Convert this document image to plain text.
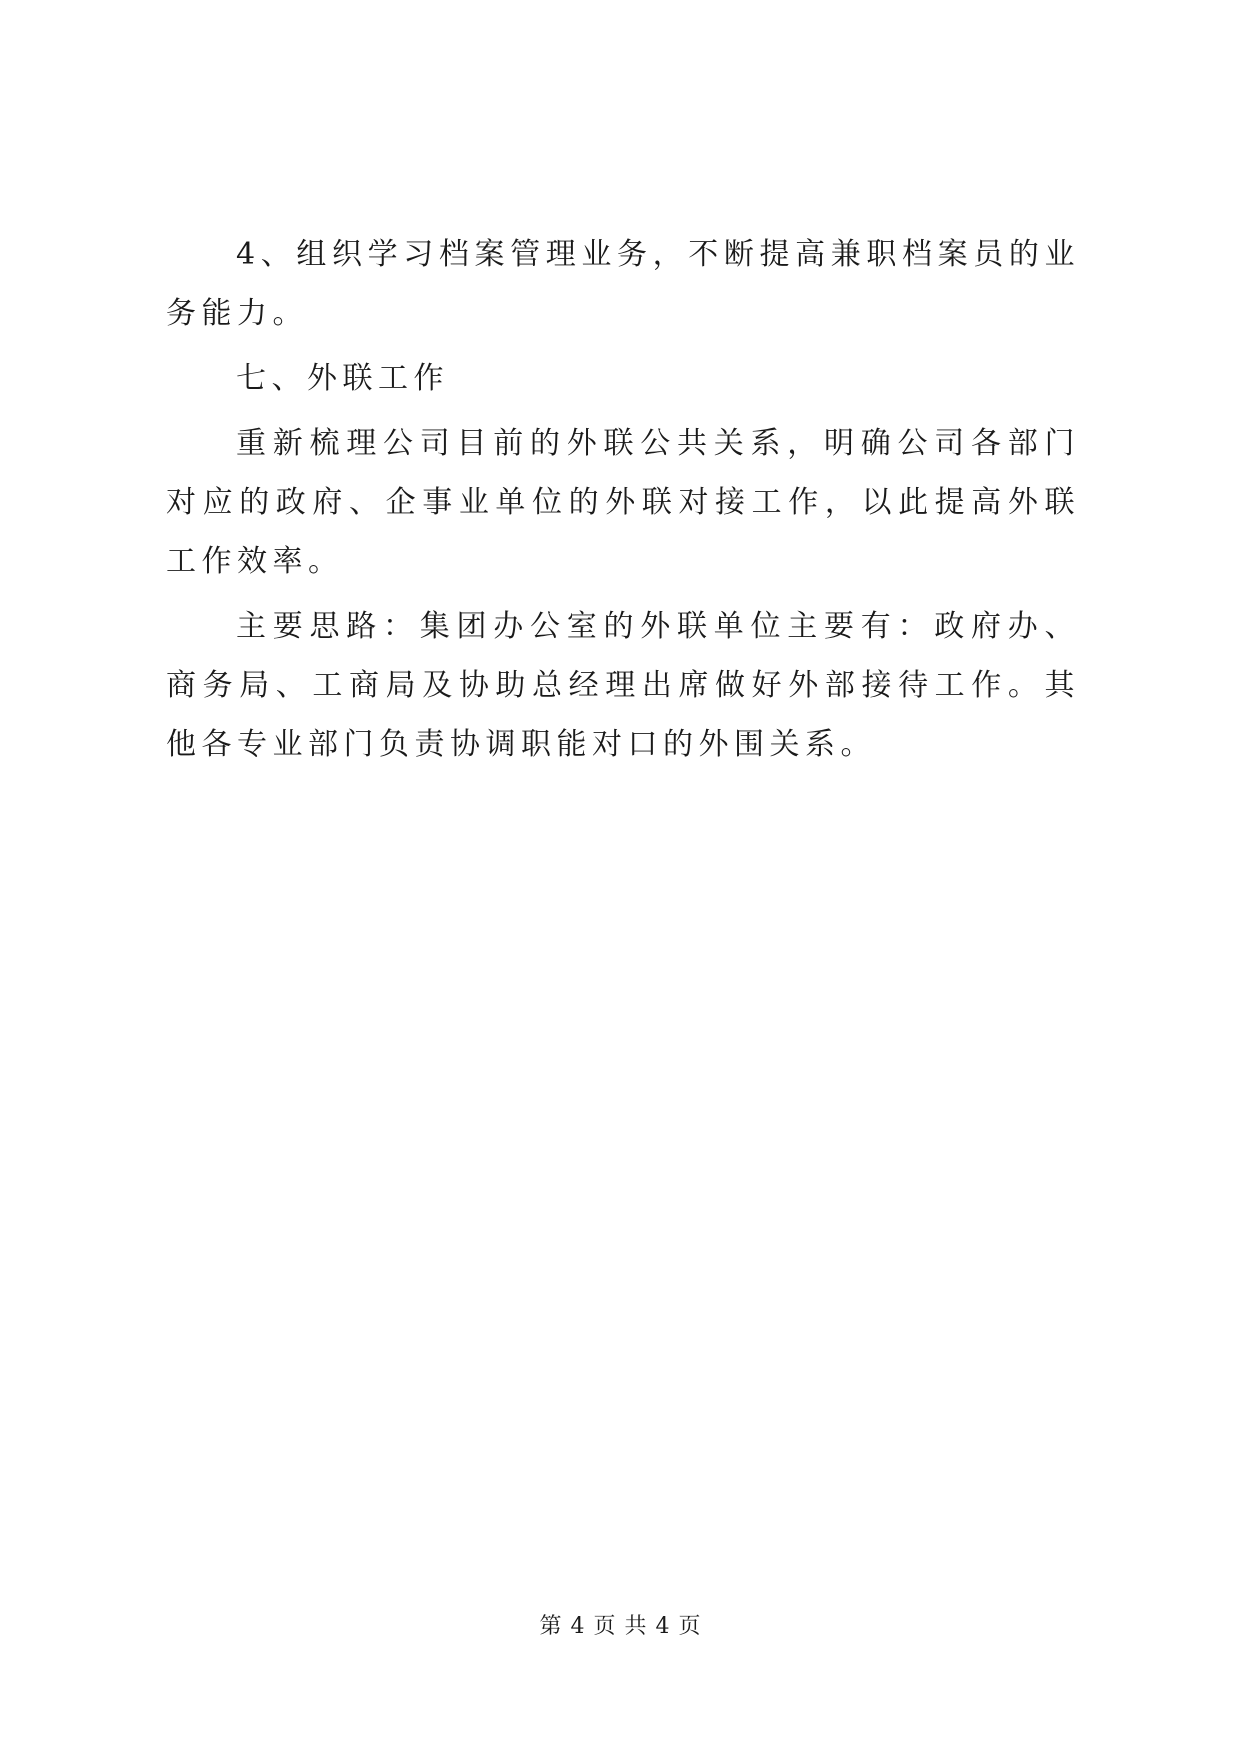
4、组织学习档案管理业务，不断提高兼职档案员的业务能力。

七、外联工作

重新梳理公司目前的外联公共关系，明确公司各部门对应的政府、企事业单位的外联对接工作，以此提高外联工作效率。

主要思路：集团办公室的外联单位主要有：政府办、商务局、工商局及协助总经理出席做好外部接待工作。其他各专业部门负责协调职能对口的外围关系。

第 4 页 共 4 页
